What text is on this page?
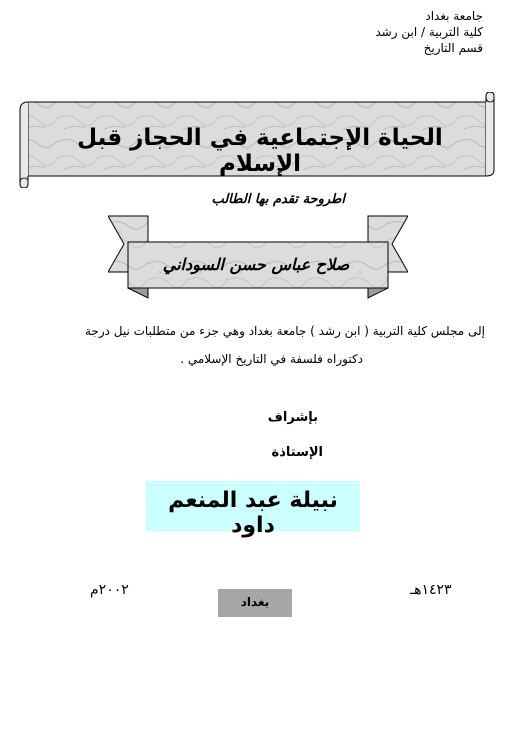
جامعة بغداد
كلية التربية / ابن رشد
قسم التاريخ
الحياة الإجتماعية في الحجاز قبل الإسلام
اطروحة تقدم بها الطالب
صلاح عباس حسن السوداني
إلى مجلس كلية التربية ( ابن رشد ) جامعة بغداد وهي جزء من متطلبات نيل درجة
دكتوراه فلسفة في التاريخ الإسلامي .
بإشراف
الإستاذة
نبيلة عبد المنعم داود
١٤٢٣هـ
بغداد
٢٠٠٢م
